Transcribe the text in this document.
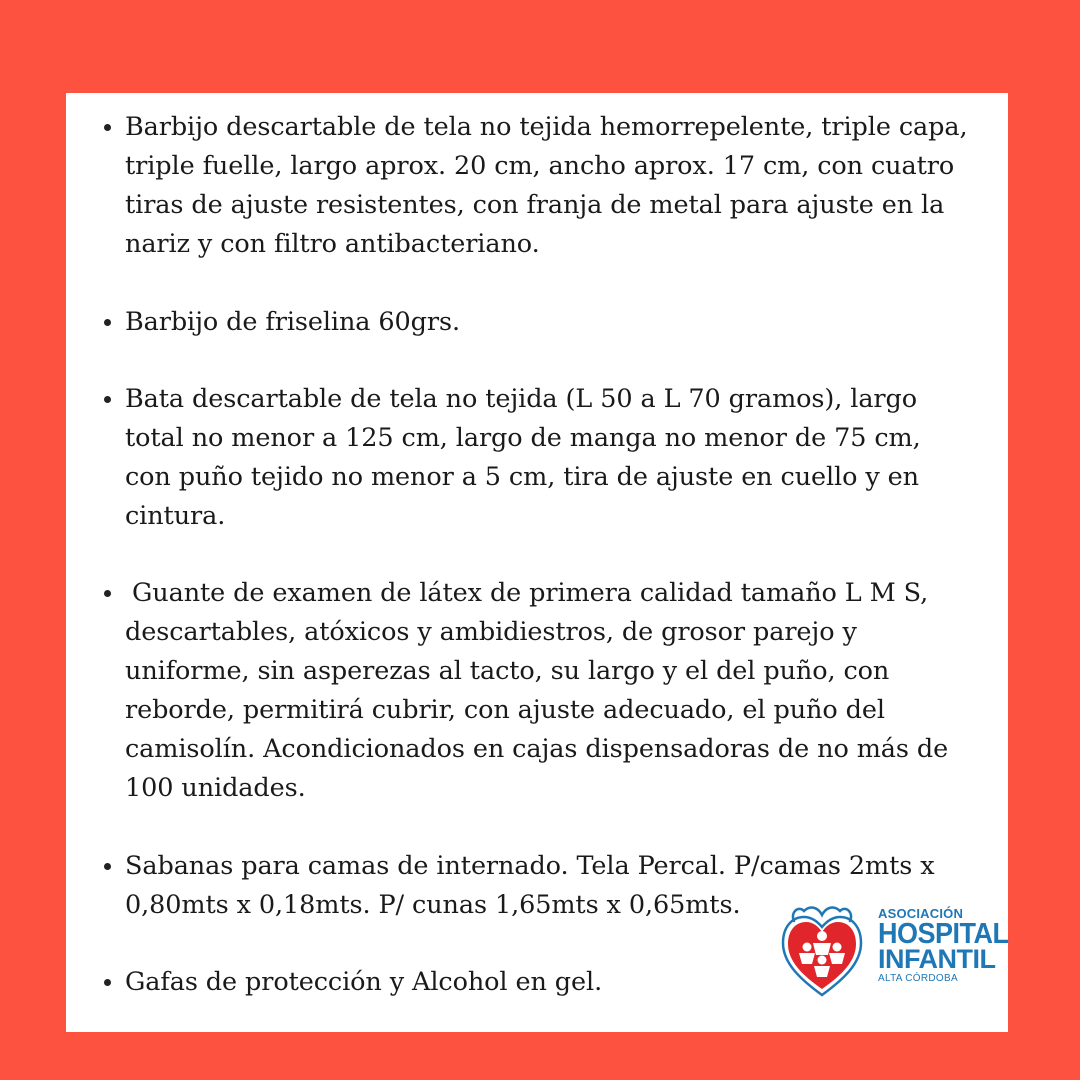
Barbijo descartable de tela no tejida hemorrepelente, triple capa, triple fuelle, largo aprox. 20 cm, ancho aprox. 17 cm, con cuatro tiras de ajuste resistentes, con franja de metal para ajuste en la nariz y con filtro antibacteriano.
Barbijo de friselina 60grs.
Bata descartable de tela no tejida (L 50 a L 70 gramos), largo total no menor a 125 cm, largo de manga no menor de 75 cm, con puño tejido no menor a 5 cm, tira de ajuste en cuello y en cintura.
Guante de examen de látex de primera calidad tamaño L M S, descartables, atóxicos y ambidiestros, de grosor parejo y uniforme, sin asperezas al tacto, su largo y el del puño, con reborde, permitirá cubrir, con ajuste adecuado, el puño del camisolín. Acondicionados en cajas dispensadoras de no más de 100 unidades.
Sabanas para camas de internado. Tela Percal. P/camas 2mts x 0,80mts x 0,18mts. P/ cunas 1,65mts x 0,65mts.
Gafas de protección y Alcohol en gel.
ASOCIACIÓN
HOSPITAL
INFANTIL
ALTA CÓRDOBA
